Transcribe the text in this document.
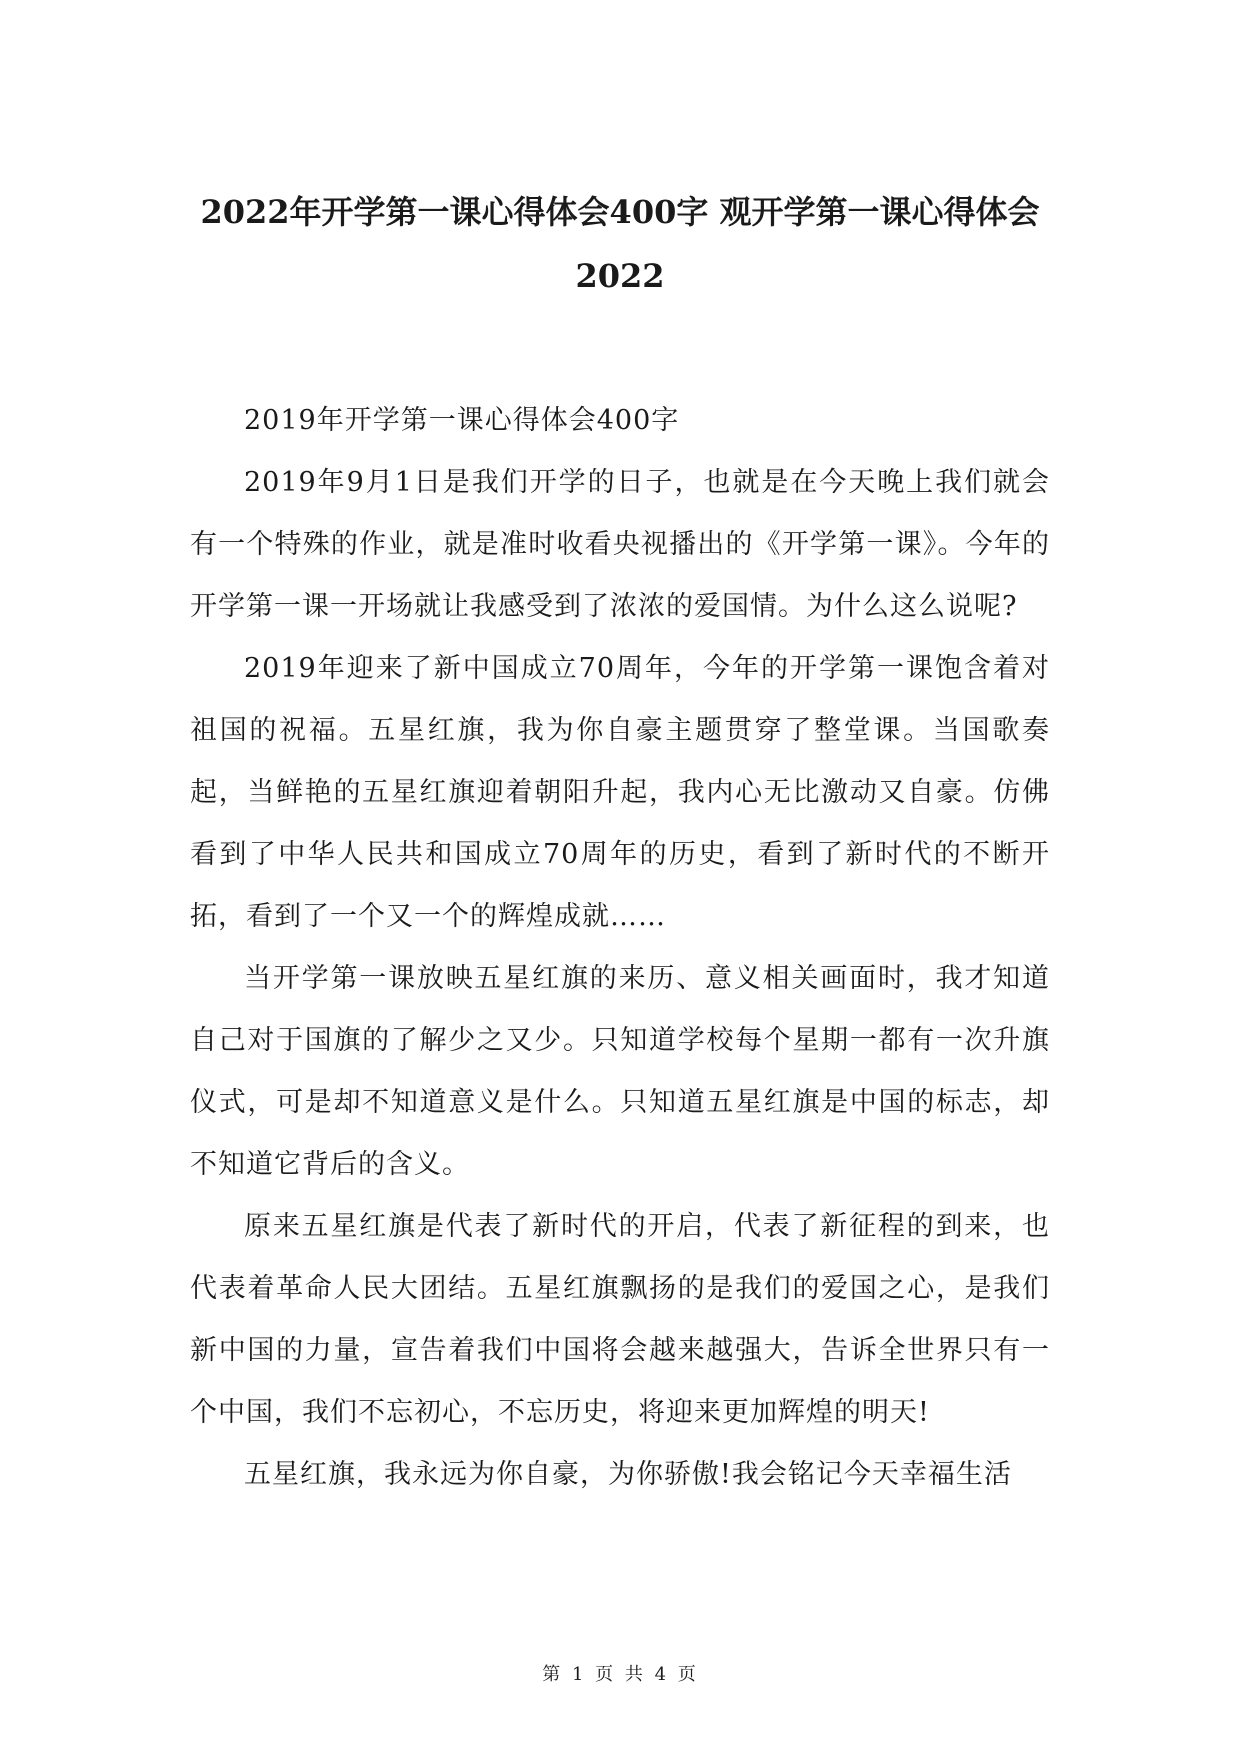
2022年开学第一课心得体会400字 观开学第一课心得体会2022

2019年开学第一课心得体会400字

2019年9月1日是我们开学的日子，也就是在今天晚上我们就会有一个特殊的作业，就是准时收看央视播出的《开学第一课》。今年的开学第一课一开场就让我感受到了浓浓的爱国情。为什么这么说呢?

2019年迎来了新中国成立70周年，今年的开学第一课饱含着对祖国的祝福。五星红旗，我为你自豪主题贯穿了整堂课。当国歌奏起，当鲜艳的五星红旗迎着朝阳升起，我内心无比激动又自豪。仿佛看到了中华人民共和国成立70周年的历史，看到了新时代的不断开拓，看到了一个又一个的辉煌成就……

当开学第一课放映五星红旗的来历、意义相关画面时，我才知道自己对于国旗的了解少之又少。只知道学校每个星期一都有一次升旗仪式，可是却不知道意义是什么。只知道五星红旗是中国的标志，却不知道它背后的含义。

原来五星红旗是代表了新时代的开启，代表了新征程的到来，也代表着革命人民大团结。五星红旗飘扬的是我们的爱国之心，是我们新中国的力量，宣告着我们中国将会越来越强大，告诉全世界只有一个中国，我们不忘初心，不忘历史，将迎来更加辉煌的明天!

五星红旗，我永远为你自豪，为你骄傲!我会铭记今天幸福生活

第 1 页 共 4 页
